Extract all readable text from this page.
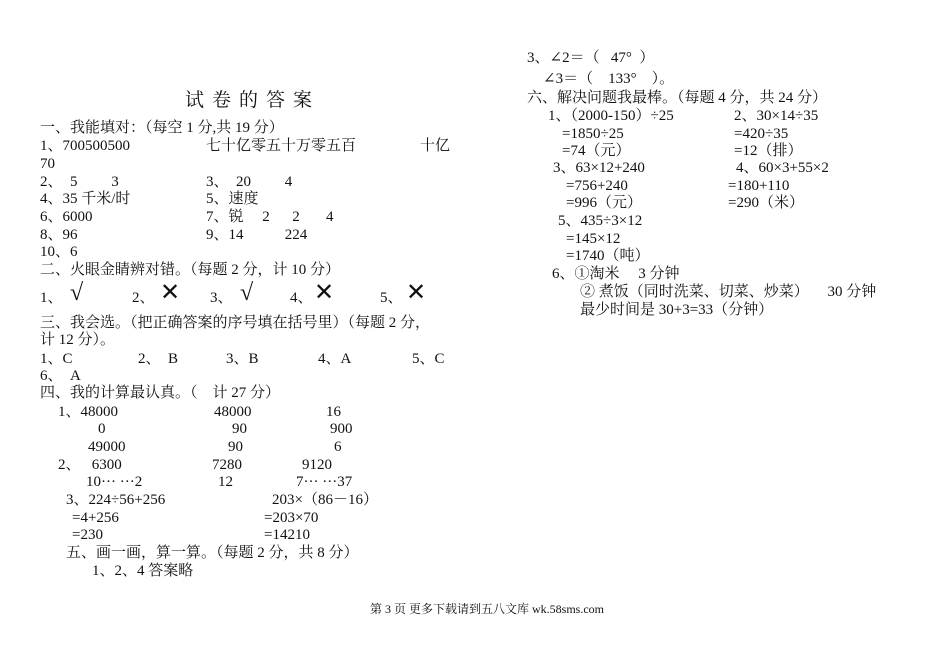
试卷的答案
一、我能填对：（每空 1 分,共 19 分）
1、700500500	七十亿零五十万零五百	十亿
70
2、  5         3	3、  20         4
4、35 千米/时	5、速度
6、6000	7、锐     2      2       4
8、96	9、14           224
10、6
二、火眼金睛辨对错。（每题 2 分，计 10 分）
1、 √	2、 ✕ 3、 √ 4、 ✕	5、 ✕
三、我会选。（把正确答案的序号填在括号里）（每题 2 分，
计 12 分）。
1、C	2、  B	3、B	4、A	5、C
6、  A
四、我的计算最认真。（    计 27 分）
1、48000	48000	16
0	90	900
49000	90	6
2、   6300	7280	9120
10··· ···2	12	7··· ···37
3、224÷56+256	203×（86－16）
=4+256	=203×70
=230	=14210
五、画一画，算一算。（每题 2 分，共 8 分）
1、2、4 答案略
3、∠2＝（   47°  ）
∠3＝（    133°    ）。
六、解决问题我最棒。（每题 4 分，共 24 分）
1、（2000-150）÷25
=1850÷25
=74（元）
2、30×14÷35
=420÷35
=12（排）
3、63×12+240
=756+240
=996（元）
4、60×3+55×2
=180+110
=290（米）
5、435÷3×12
=145×12
=1740（吨）
6、①淘米     3 分钟
② 煮饭（同时洗菜、切菜、炒菜）     30 分钟
最少时间是 30+3=33（分钟）
第 3 页 更多下载请到五八文库 wk.58sms.com
